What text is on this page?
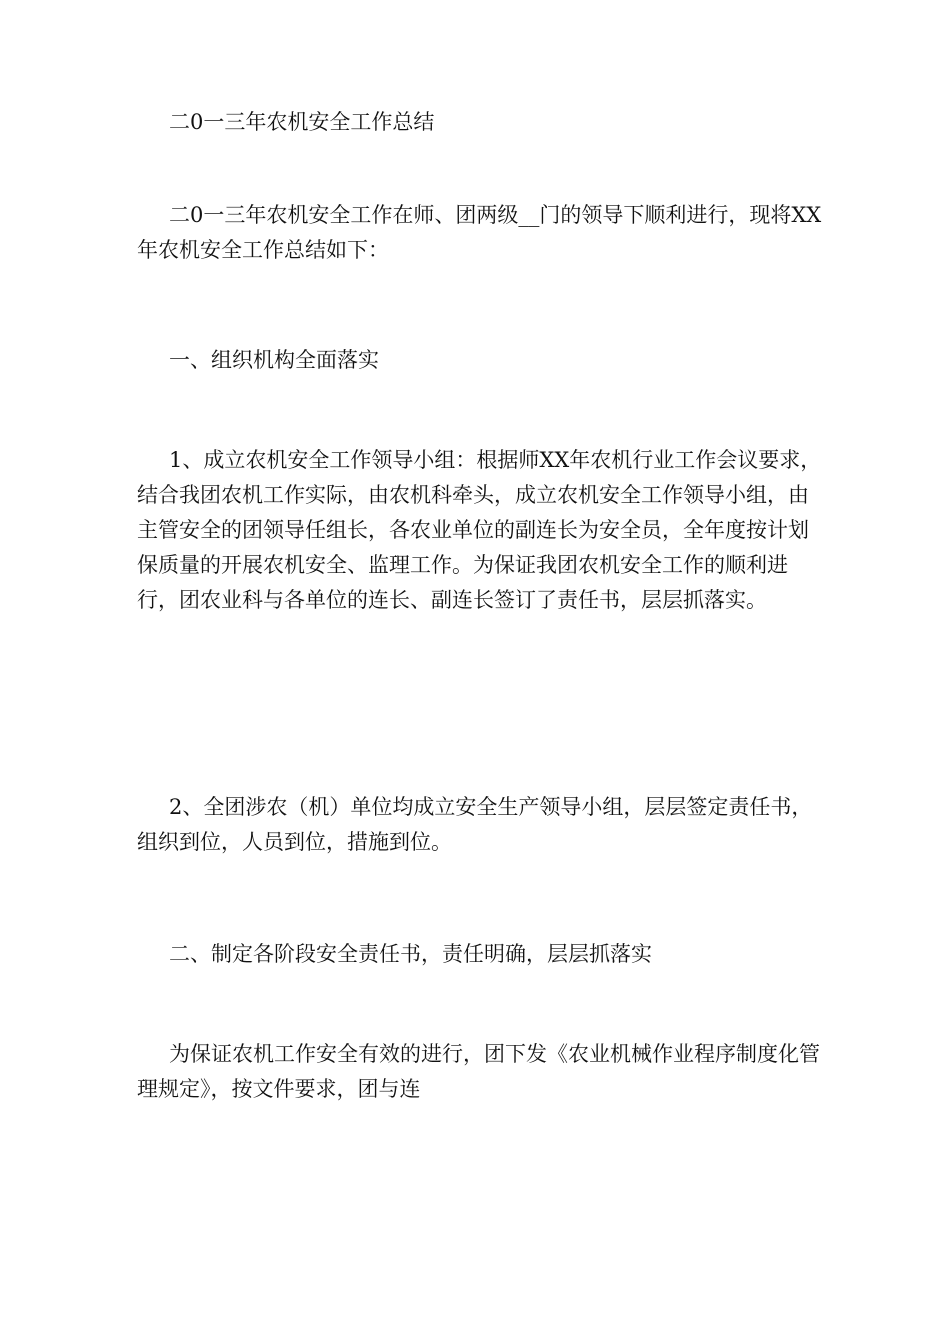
二0一三年农机安全工作总结

二0一三年农机安全工作在师、团两级__门的领导下顺利进行，现将XX年农机安全工作总结如下：

一、组织机构全面落实

1、成立农机安全工作领导小组：根据师XX年农机行业工作会议要求，结合我团农机工作实际，由农机科牵头，成立农机安全工作领导小组，由主管安全的团领导任组长，各农业单位的副连长为安全员，全年度按计划保质量的开展农机安全、监理工作。为保证我团农机安全工作的顺利进行，团农业科与各单位的连长、副连长签订了责任书，层层抓落实。

2、全团涉农（机）单位均成立安全生产领导小组，层层签定责任书，组织到位，人员到位，措施到位。

二、制定各阶段安全责任书，责任明确，层层抓落实

为保证农机工作安全有效的进行，团下发《农业机械作业程序制度化管理规定》，按文件要求，团与连
